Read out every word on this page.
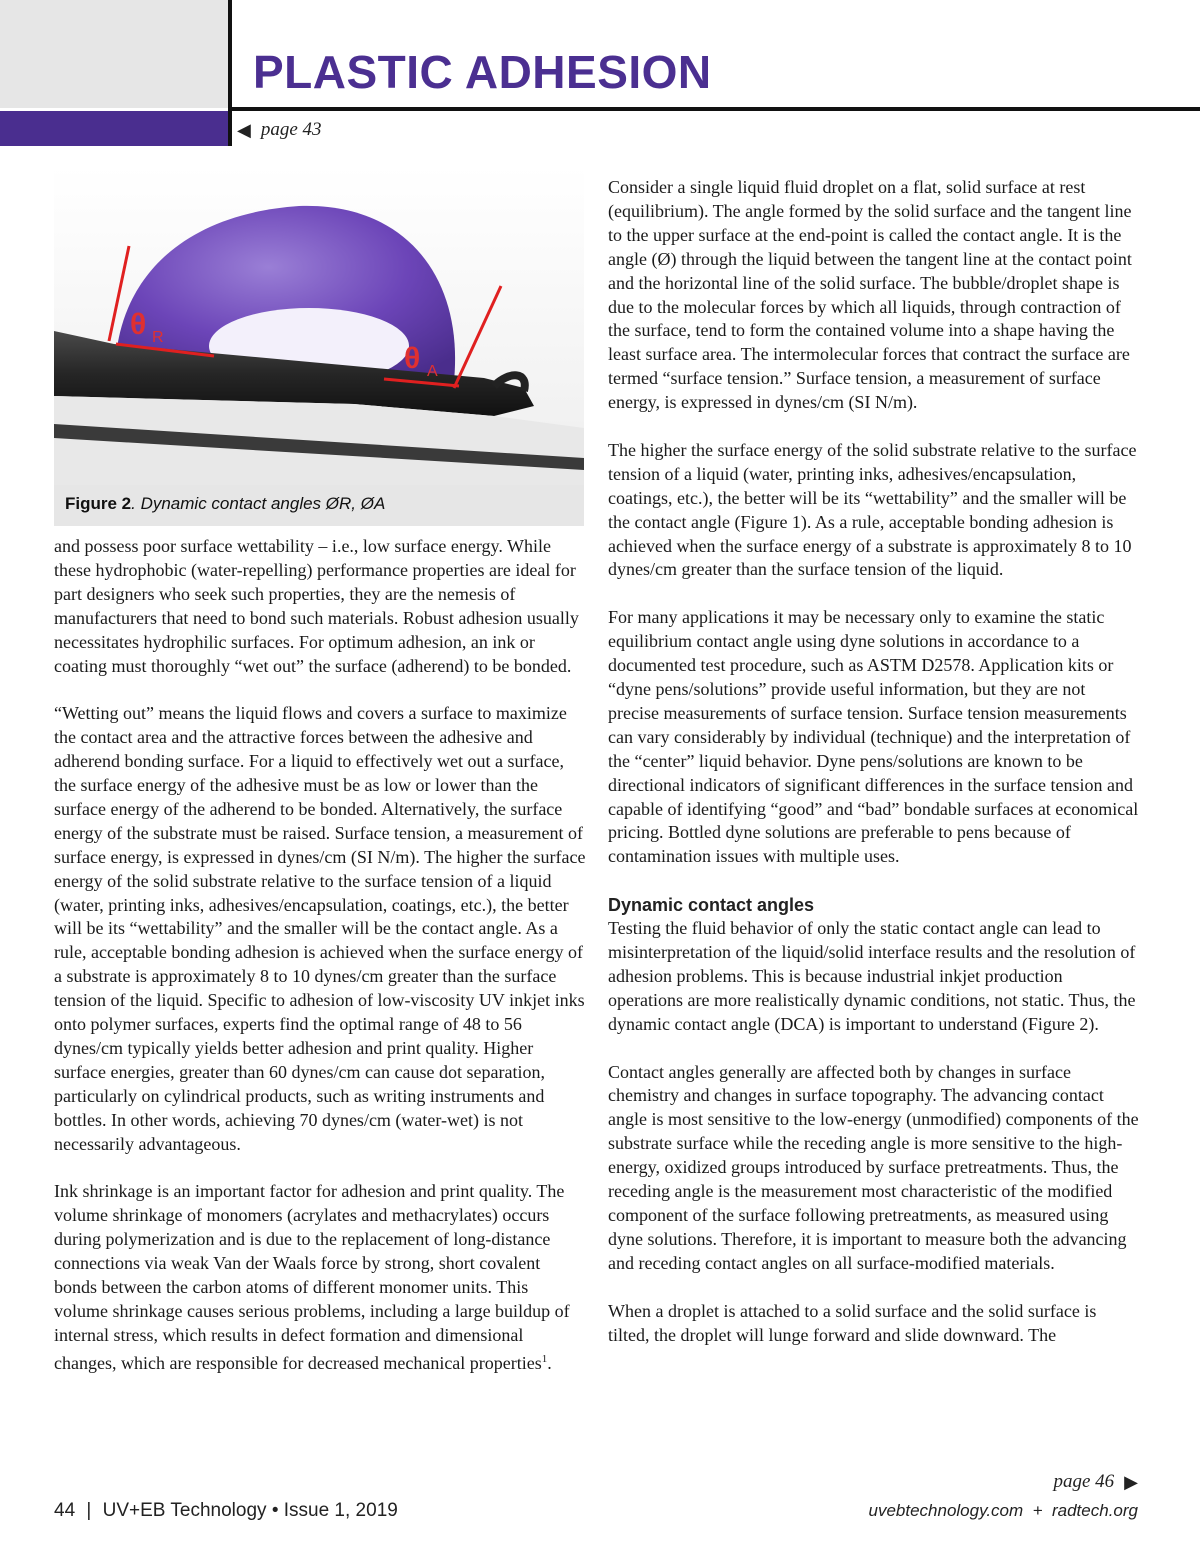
PLASTIC ADHESION
◀ page 43
θ R
θ A
Figure 2. Dynamic contact angles ØR, ØA

and possess poor surface wettability – i.e., low surface energy. While these hydrophobic (water-repelling) performance properties are ideal for part designers who seek such properties, they are the nemesis of manufacturers that need to bond such materials. Robust adhesion usually necessitates hydrophilic surfaces. For optimum adhesion, an ink or coating must thoroughly “wet out” the surface (adherend) to be bonded.

“Wetting out” means the liquid flows and covers a surface to maximize the contact area and the attractive forces between the adhesive and adherend bonding surface. For a liquid to effectively wet out a surface, the surface energy of the adhesive must be as low or lower than the surface energy of the adherend to be bonded. Alternatively, the surface energy of the substrate must be raised. Surface tension, a measurement of surface energy, is expressed in dynes/cm (SI N/m). The higher the surface energy of the solid substrate relative to the surface tension of a liquid (water, printing inks, adhesives/encapsulation, coatings, etc.), the better will be its “wettability” and the smaller will be the contact angle. As a rule, acceptable bonding adhesion is achieved when the surface energy of a substrate is approximately 8 to 10 dynes/cm greater than the surface tension of the liquid. Specific to adhesion of low-viscosity UV inkjet inks onto polymer surfaces, experts find the optimal range of 48 to 56 dynes/cm typically yields better adhesion and print quality. Higher surface energies, greater than 60 dynes/cm can cause dot separation, particularly on cylindrical products, such as writing instruments and bottles. In other words, achieving 70 dynes/cm (water-wet) is not necessarily advantageous.

Ink shrinkage is an important factor for adhesion and print quality. The volume shrinkage of monomers (acrylates and methacrylates) occurs during polymerization and is due to the replacement of long-distance connections via weak Van der Waals force by strong, short covalent bonds between the carbon atoms of different monomer units. This volume shrinkage causes serious problems, including a large buildup of internal stress, which results in defect formation and dimensional changes, which are responsible for decreased mechanical properties$^1$.

Consider a single liquid fluid droplet on a flat, solid surface at rest (equilibrium). The angle formed by the solid surface and the tangent line to the upper surface at the end-point is called the contact angle. It is the angle (Ø) through the liquid between the tangent line at the contact point and the horizontal line of the solid surface. The bubble/droplet shape is due to the molecular forces by which all liquids, through contraction of the surface, tend to form the contained volume into a shape having the least surface area. The intermolecular forces that contract the surface are termed “surface tension.” Surface tension, a measurement of surface energy, is expressed in dynes/cm (SI N/m).

The higher the surface energy of the solid substrate relative to the surface tension of a liquid (water, printing inks, adhesives/encapsulation, coatings, etc.), the better will be its “wettability” and the smaller will be the contact angle (Figure 1). As a rule, acceptable bonding adhesion is achieved when the surface energy of a substrate is approximately 8 to 10 dynes/cm greater than the surface tension of the liquid.

For many applications it may be necessary only to examine the static equilibrium contact angle using dyne solutions in accordance to a documented test procedure, such as ASTM D2578. Application kits or “dyne pens/solutions” provide useful information, but they are not precise measurements of surface tension. Surface tension measurements can vary considerably by individual (technique) and the interpretation of the “center” liquid behavior. Dyne pens/solutions are known to be directional indicators of significant differences in the surface tension and capable of identifying “good” and “bad” bondable surfaces at economical pricing. Bottled dyne solutions are preferable to pens because of contamination issues with multiple uses.

Dynamic contact angles

Testing the fluid behavior of only the static contact angle can lead to misinterpretation of the liquid/solid interface results and the resolution of adhesion problems. This is because industrial inkjet production operations are more realistically dynamic conditions, not static. Thus, the dynamic contact angle (DCA) is important to understand (Figure 2).

Contact angles generally are affected both by changes in surface chemistry and changes in surface topography. The advancing contact angle is most sensitive to the low-energy (unmodified) components of the substrate surface while the receding angle is more sensitive to the high-energy, oxidized groups introduced by surface pretreatments. Thus, the receding angle is the measurement most characteristic of the modified component of the surface following pretreatments, as measured using dyne solutions. Therefore, it is important to measure both the advancing and receding contact angles on all surface-modified materials.

When a droplet is attached to a solid surface and the solid surface is tilted, the droplet will lunge forward and slide downward. The

page 46 ▶
44 | UV+EB Technology • Issue 1, 2019	uvebtechnology.com  +  radtech.org
